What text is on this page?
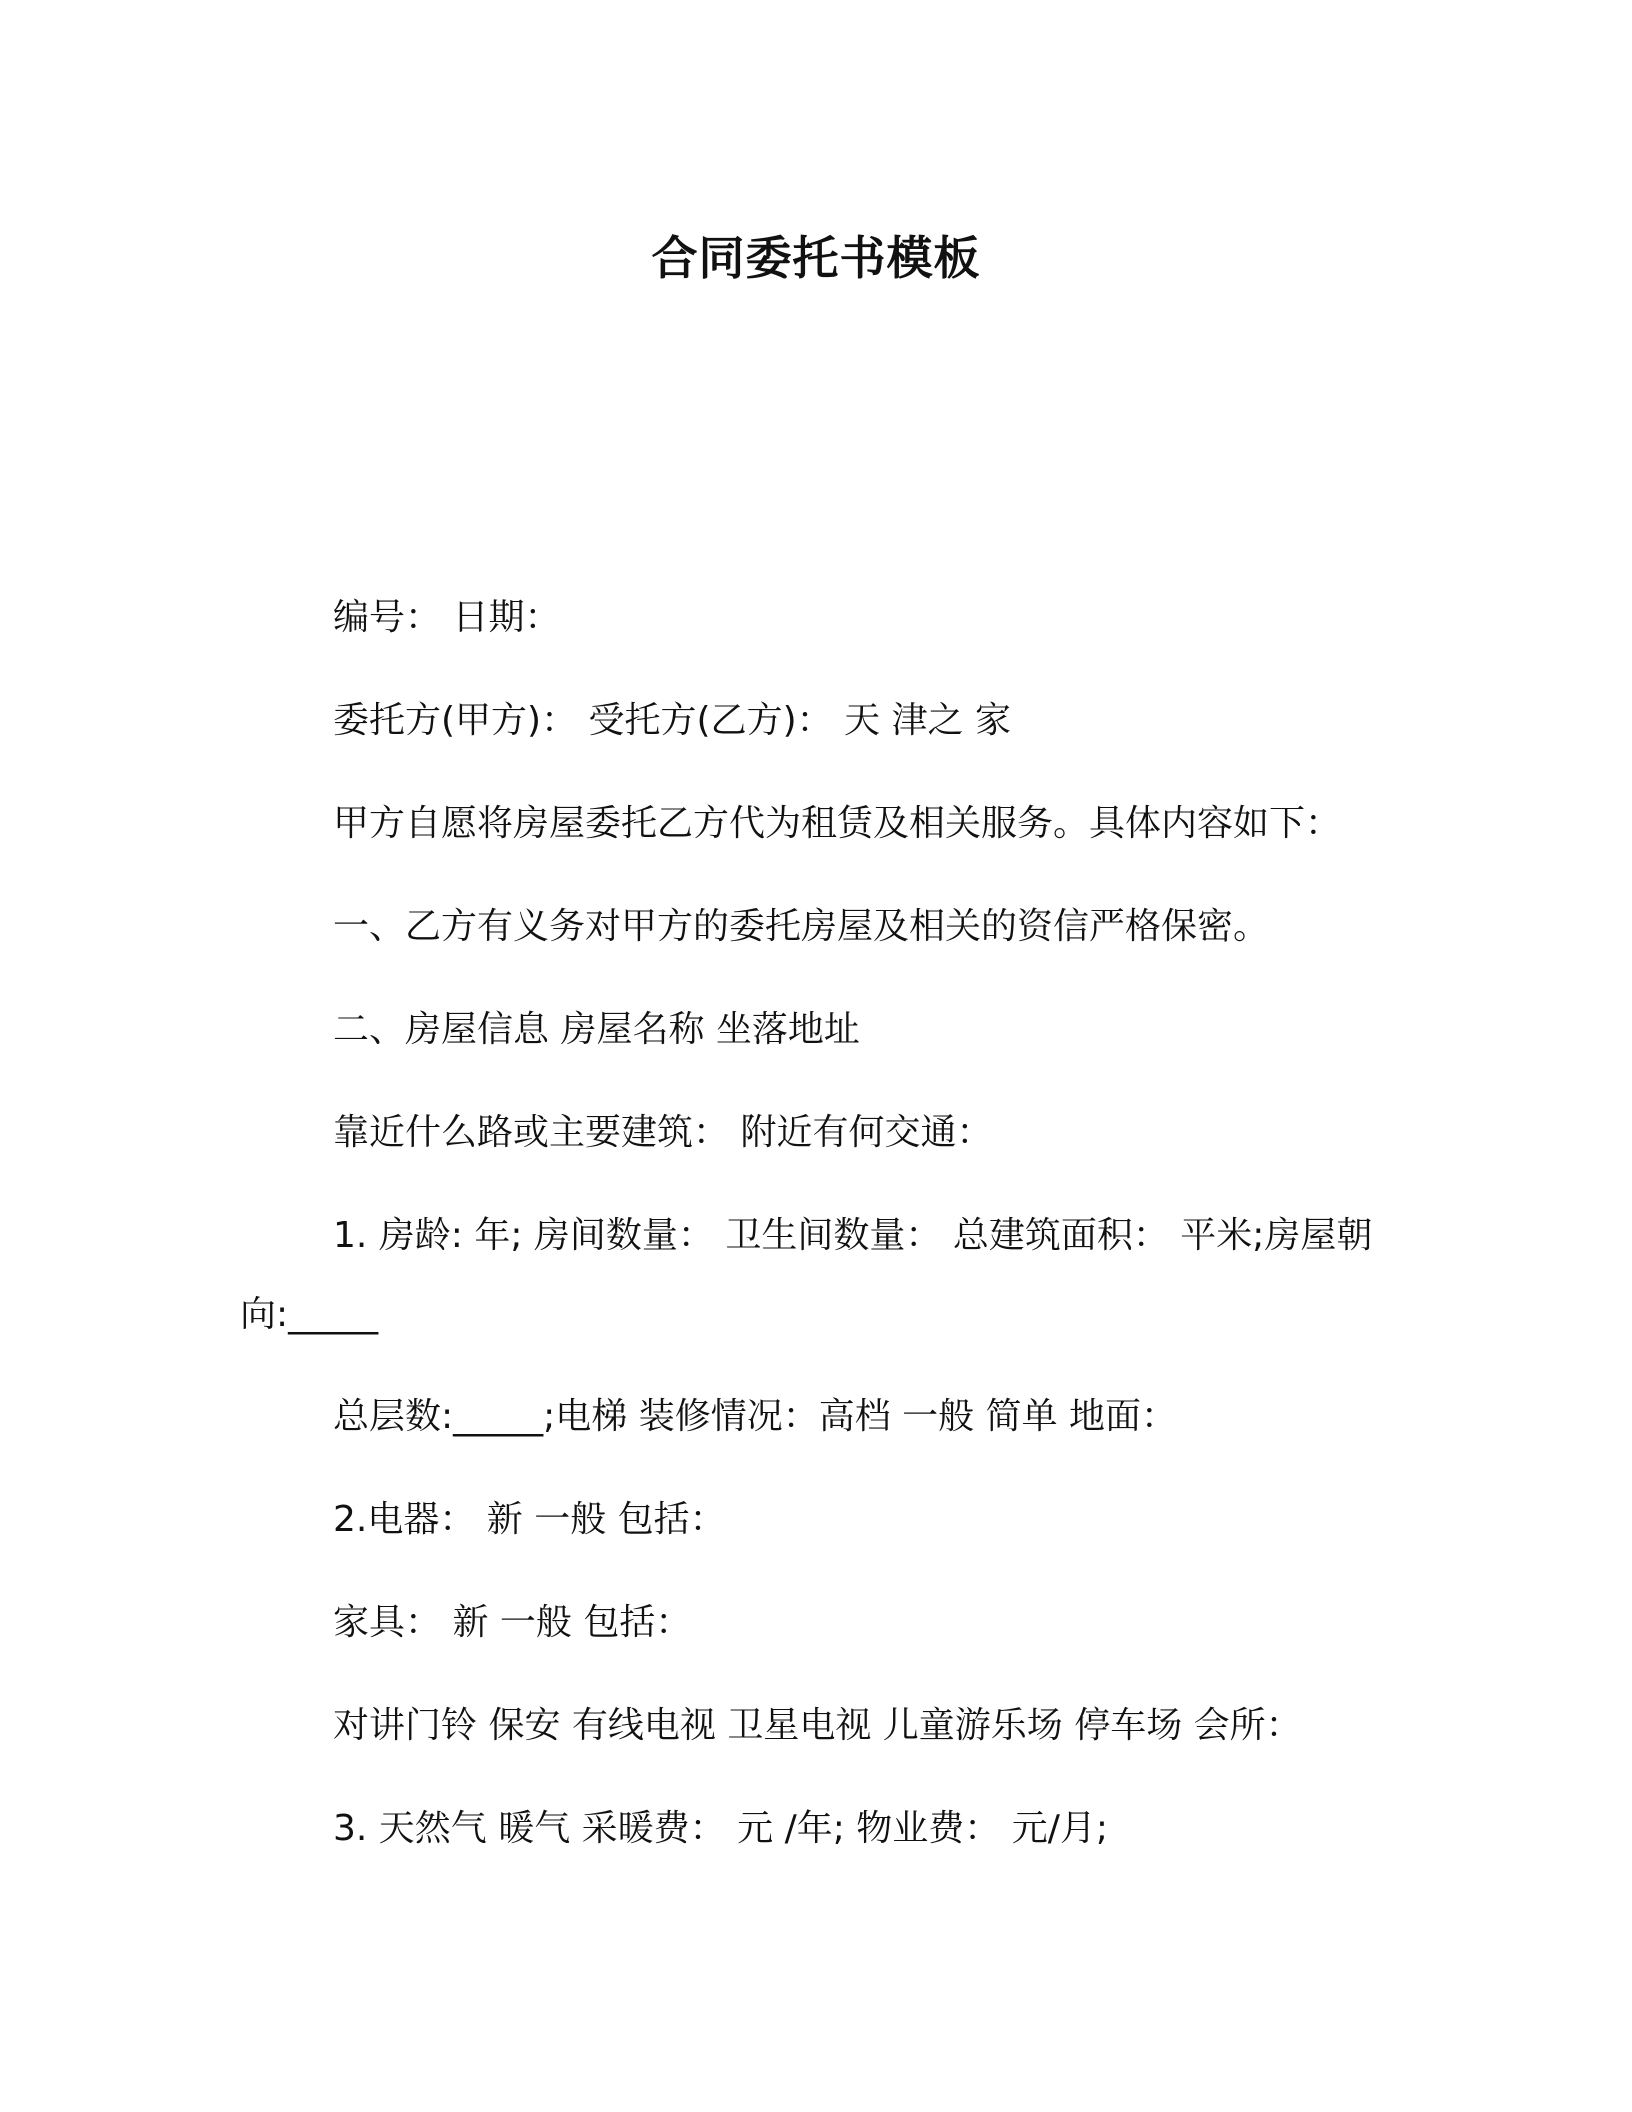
合同委托书模板
编号： 日期：
委托方(甲方)： 受托方(乙方)： 天 津之 家
甲方自愿将房屋委托乙方代为租赁及相关服务。具体内容如下：
一、乙方有义务对甲方的委托房屋及相关的资信严格保密。
二、房屋信息 房屋名称 坐落地址
靠近什么路或主要建筑： 附近有何交通：
1. 房龄: 年; 房间数量： 卫生间数量： 总建筑面积： 平米;房屋朝
向:_____
总层数:_____;电梯 装修情况：高档 一般 简单 地面：
2.电器： 新 一般 包括：
家具： 新 一般 包括：
对讲门铃 保安 有线电视 卫星电视 儿童游乐场 停车场 会所：
3. 天然气 暖气 采暖费： 元 /年; 物业费： 元/月;
